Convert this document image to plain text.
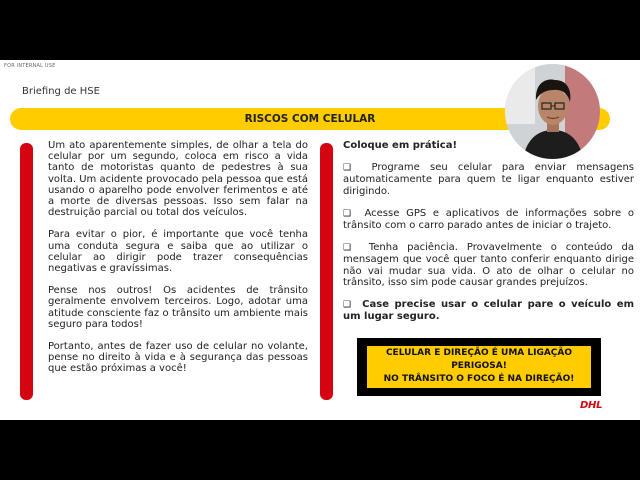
FOR INTERNAL USE
Briefing de HSE
RISCOS COM CELULAR

Um ato aparentemente simples, de olhar a tela do celular por um segundo, coloca em risco a vida tanto de motoristas quanto de pedestres à sua volta. Um acidente provocado pela pessoa que está usando o aparelho pode envolver ferimentos e até a morte de diversas pessoas. Isso sem falar na destruição parcial ou total dos veículos.

Para evitar o pior, é importante que você tenha uma conduta segura e saiba que ao utilizar o celular ao dirigir pode trazer consequências negativas e gravíssimas.

Pense nos outros! Os acidentes de trânsito geralmente envolvem terceiros. Logo, adotar uma atitude consciente faz o trânsito um ambiente mais seguro para todos!

Portanto, antes de fazer uso de celular no volante, pense no direito à vida e à segurança das pessoas que estão próximas a você!

Coloque em prática!

❑ Programe seu celular para enviar mensagens automaticamente para quem te ligar enquanto estiver dirigindo.

❑ Acesse GPS e aplicativos de informações sobre o trânsito com o carro parado antes de iniciar o trajeto.

❑ Tenha paciência. Provavelmente o conteúdo da mensagem que você quer tanto conferir enquanto dirige não vai mudar sua vida. O ato de olhar o celular no trânsito, isso sim pode causar grandes prejuízos.

❑ Case precise usar o celular pare o veículo em um lugar seguro.

CELULAR E DIREÇÃO É UMA LIGAÇÃO
PERIGOSA!
NO TRÂNSITO O FOCO É NA DIREÇÃO!
DHL
